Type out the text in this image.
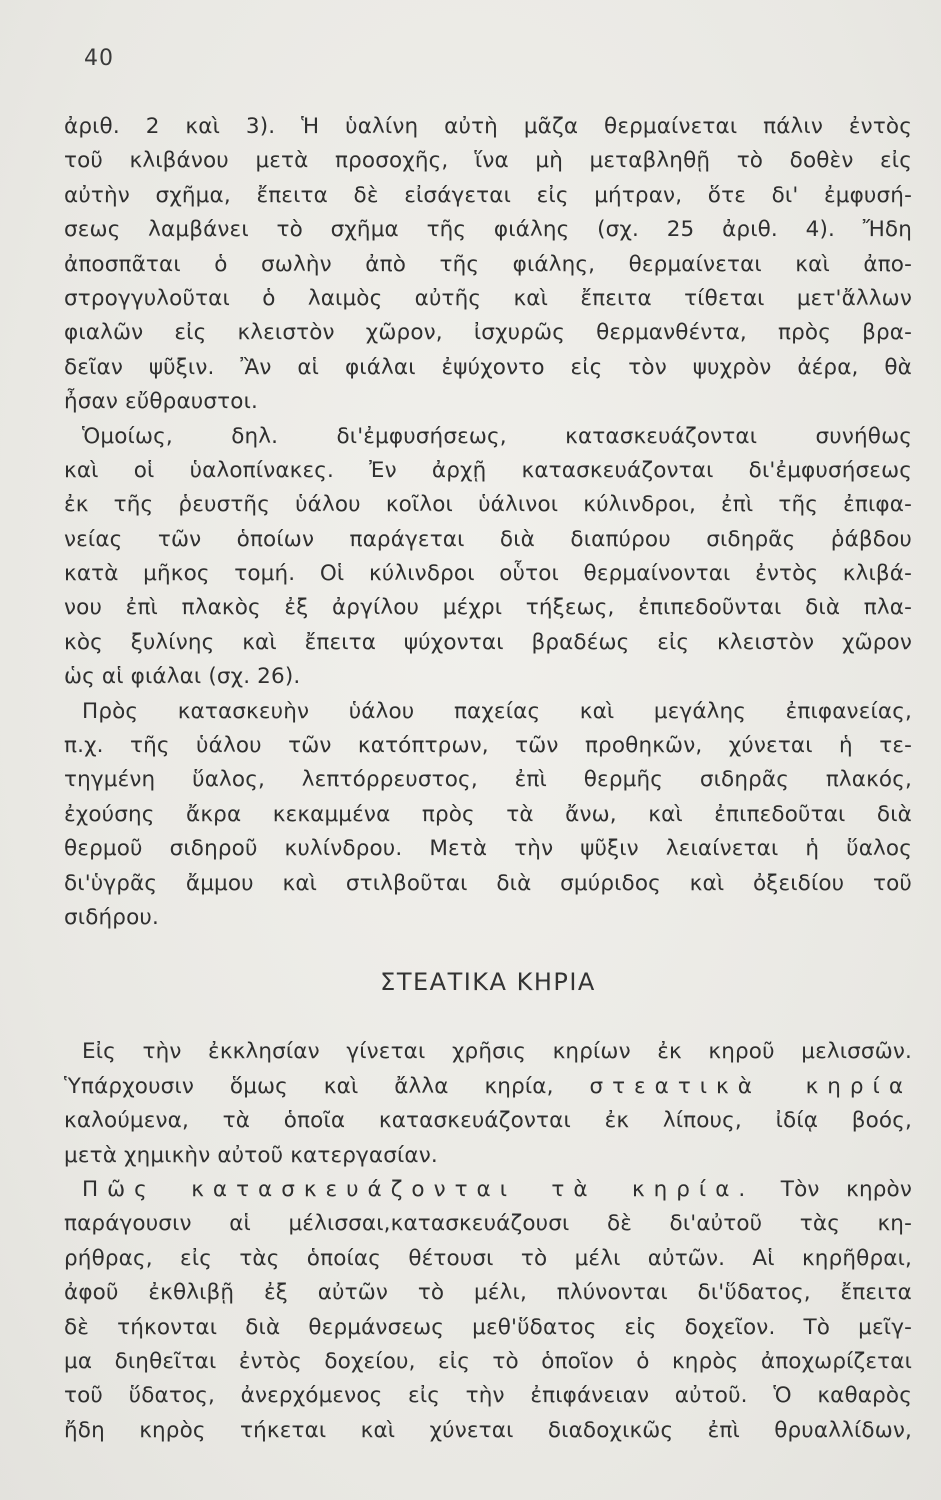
40
ἀριθ. 2 καὶ 3). Ἡ ὑαλίνη αὐτὴ μᾶζα θερμαίνεται πάλιν ἐντὸς
τοῦ κλιβάνου μετὰ προσοχῆς, ἵνα μὴ μεταβληθῇ τὸ δοθὲν εἰς
αὐτὴν σχῆμα, ἔπειτα δὲ εἰσάγεται εἰς μήτραν, ὅτε δι' ἐμφυσή-
σεως λαμβάνει τὸ σχῆμα τῆς φιάλης (σχ. 25 ἀριθ. 4). Ἤδη
ἀποσπᾶται ὁ σωλὴν ἀπὸ τῆς φιάλης, θερμαίνεται καὶ ἀπο-
στρογγυλοῦται ὁ λαιμὸς αὐτῆς καὶ ἔπειτα τίθεται μετ'ἄλλων
φιαλῶν εἰς κλειστὸν χῶρον, ἰσχυρῶς θερμανθέντα, πρὸς βρα-
δεῖαν ψῦξιν. Ἂν αἱ φιάλαι ἐψύχοντο εἰς τὸν ψυχρὸν ἀέρα, θὰ
ἦσαν εὔθραυστοι.
Ὁμοίως, δηλ. δι'ἐμφυσήσεως, κατασκευάζονται συνήθως
καὶ οἱ ὑαλοπίνακες. Ἐν ἀρχῇ κατασκευάζονται δι'ἐμφυσήσεως
ἐκ τῆς ῥευστῆς ὑάλου κοῖλοι ὑάλινοι κύλινδροι, ἐπὶ τῆς ἐπιφα-
νείας τῶν ὁποίων παράγεται διὰ διαπύρου σιδηρᾶς ῥάβδου
κατὰ μῆκος τομή. Οἱ κύλινδροι οὗτοι θερμαίνονται ἐντὸς κλιβά-
νου ἐπὶ πλακὸς ἐξ ἀργίλου μέχρι τήξεως, ἐπιπεδοῦνται διὰ πλα-
κὸς ξυλίνης καὶ ἔπειτα ψύχονται βραδέως εἰς κλειστὸν χῶρον
ὡς αἱ φιάλαι (σχ. 26).
Πρὸς κατασκευὴν ὑάλου παχείας καὶ μεγάλης ἐπιφανείας,
π.χ. τῆς ὑάλου τῶν κατόπτρων, τῶν προθηκῶν, χύνεται ἡ τε-
τηγμένη ὕαλος, λεπτόρρευστος, ἐπὶ θερμῆς σιδηρᾶς πλακός,
ἐχούσης ἄκρα κεκαμμένα πρὸς τὰ ἄνω, καὶ ἐπιπεδοῦται διὰ
θερμοῦ σιδηροῦ κυλίνδρου. Μετὰ τὴν ψῦξιν λειαίνεται ἡ ὕαλος
δι'ὑγρᾶς ἄμμου καὶ στιλβοῦται διὰ σμύριδος καὶ ὀξειδίου τοῦ
σιδήρου.
ΣΤΕΑΤΙΚΑ ΚΗΡΙΑ
Εἰς τὴν ἐκκλησίαν γίνεται χρῆσις κηρίων ἐκ κηροῦ μελισσῶν.
Ὑπάρχουσιν ὅμως καὶ ἄλλα κηρία, στεατικὰ κηρία
καλούμενα, τὰ ὁποῖα κατασκευάζονται ἐκ λίπους, ἰδίᾳ βοός,
μετὰ χημικὴν αὐτοῦ κατεργασίαν.
Πῶς κατασκευάζονται τὰ κηρία. Τὸν κηρὸν
παράγουσιν αἱ μέλισσαι,κατασκευάζουσι δὲ δι'αὐτοῦ τὰς κη-
ρήθρας, εἰς τὰς ὁποίας θέτουσι τὸ μέλι αὐτῶν. Αἱ κηρῆθραι,
ἀφοῦ ἐκθλιβῇ ἐξ αὐτῶν τὸ μέλι, πλύνονται δι'ὕδατος, ἔπειτα
δὲ τήκονται διὰ θερμάνσεως μεθ'ὕδατος εἰς δοχεῖον. Τὸ μεῖγ-
μα διηθεῖται ἐντὸς δοχείου, εἰς τὸ ὁποῖον ὁ κηρὸς ἀποχωρίζεται
τοῦ ὕδατος, ἀνερχόμενος εἰς τὴν ἐπιφάνειαν αὐτοῦ. Ὁ καθαρὸς
ἤδη κηρὸς τήκεται καὶ χύνεται διαδοχικῶς ἐπὶ θρυαλλίδων,
